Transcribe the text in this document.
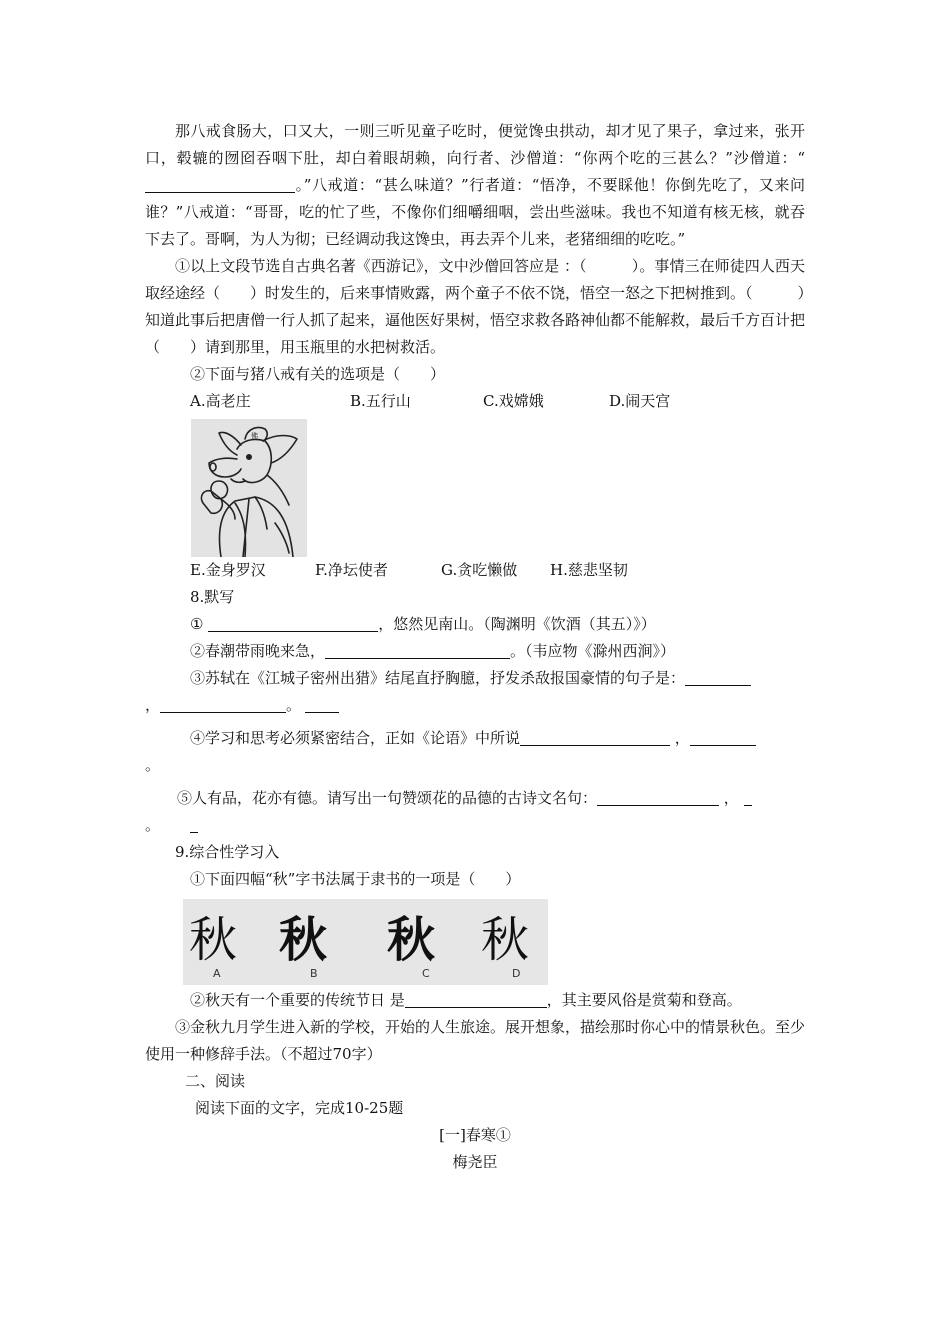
那八戒食肠大，口又大，一则三听见童子吃时，便觉馋虫拱动，却才见了果子，拿过来，张开口，毂辘的囫囵吞咽下肚，却白着眼胡赖，向行者、沙僧道：“你两个吃的三甚么？”沙僧道：“。”八戒道：“甚么味道？”行者道：“悟净，不要睬他！你倒先吃了，又来问谁？”八戒道：“哥哥，吃的忙了些，不像你们细嚼细咽，尝出些滋味。我也不知道有核无核，就吞下去了。哥啊，为人为彻；已经调动我这馋虫，再去弄个儿来，老猪细细的吃吃。”

①以上文段节选自古典名著《西游记》，文中沙僧回答应是 ：（　　　）。事情三在师徒四人西天取经途经（　　）时发生的，后来事情败露，两个童子不依不饶，悟空一怒之下把树推到。（　　　）知道此事后把唐僧一行人抓了起来，逼他医好果树，悟空求救各路神仙都不能解救，最后千方百计把（　　）请到那里，用玉瓶里的水把树救活。

②下面与猪八戒有关的选项是（　　）

A.高老庄	B.五行山	C.戏嫦娥	D.闹天宫
佛
E.金身罗汉	F.净坛使者	G.贪吃懒做	H.慈悲坚韧

8.默写

①	，悠然见南山。（陶渊明《饮酒（其五）》）

②春潮带雨晚来急，	。（韦应物《滁州西涧》）

③苏轼在《江城子密州出猎》结尾直抒胸臆，抒发杀敌报国豪情的句子是：

，	。

④学习和思考必须紧密结合，正如《论语》中所说	，

。

⑤人有品，花亦有德。请写出一句赞颂花的品德的古诗文名句：	，

。

9.综合性学习入

①下面四幅“秋”字书法属于隶书的一项是（　　）

秋 秋 秋 秋
A	B	C	D

②秋天有一个重要的传统节日 是	，其主要风俗是赏菊和登高。

③金秋九月学生进入新的学校，开始的人生旅途。展开想象，描绘那时你心中的情景秋色。至少使用一种修辞手法。（不超过70字）

二、阅读

阅读下面的文字，完成10-25题

[一]春寒①

梅尧臣
